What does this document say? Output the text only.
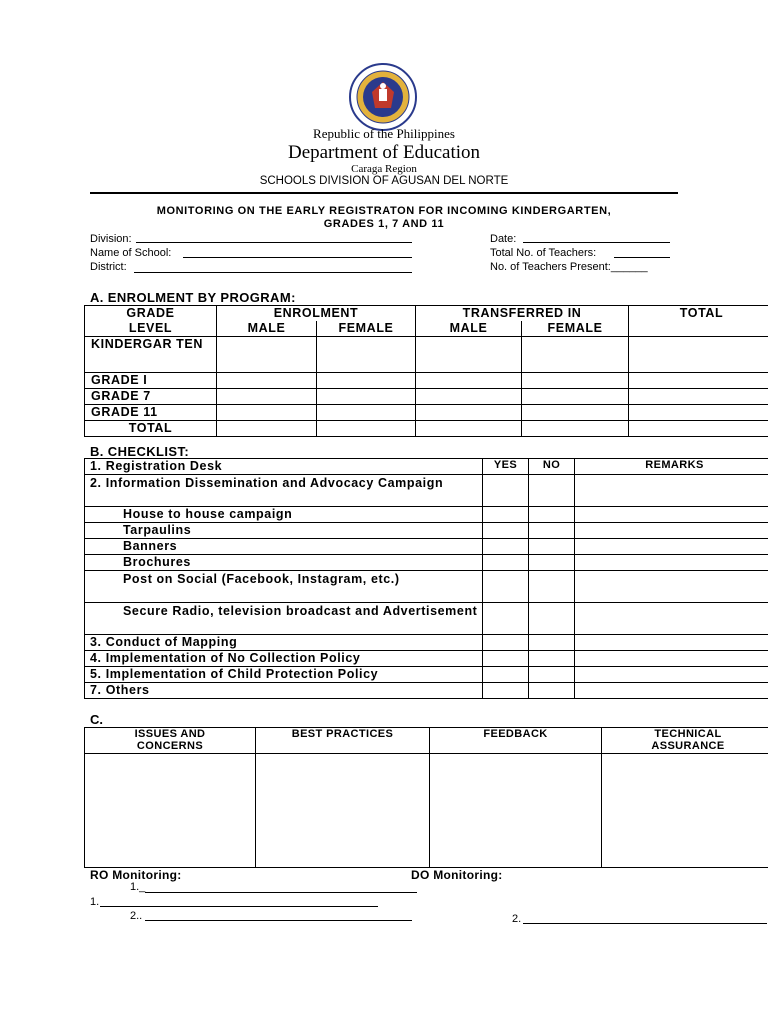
Republic of the Philippines
Department of Education
Caraga Region
SCHOOLS DIVISION OF AGUSAN DEL NORTE
MONITORING ON THE EARLY REGISTRATON FOR INCOMING KINDERGARTEN,
GRADES 1, 7 AND 11
Division:
Name of School:
District:
Date:
Total No. of Teachers:
No. of Teachers Present:______
A. ENROLMENT BY PROGRAM:
GRADE
LEVEL	ENROLMENT		TRANSFERRED IN		TOTAL
	MALE	FEMALE	MALE	FEMALE	
KINDERGAR TEN					
GRADE I					
GRADE 7					
GRADE 11					
TOTAL					
B. CHECKLIST:
1. Registration Desk	YES	NO	REMARKS
2. Information Dissemination and Advocacy Campaign			
House to house campaign			
Tarpaulins			
Banners			
Brochures			
Post on Social (Facebook, Instagram, etc.)			
Secure Radio, television broadcast and Advertisement			
3. Conduct of Mapping			
4. Implementation of No Collection Policy			
5. Implementation of Child Protection Policy			
7. Others			
C.
ISSUES AND CONCERNS	BEST PRACTICES	FEEDBACK	TECHNICAL ASSURANCE

RO Monitoring:	DO Monitoring:
1._
1.
2..	2.
